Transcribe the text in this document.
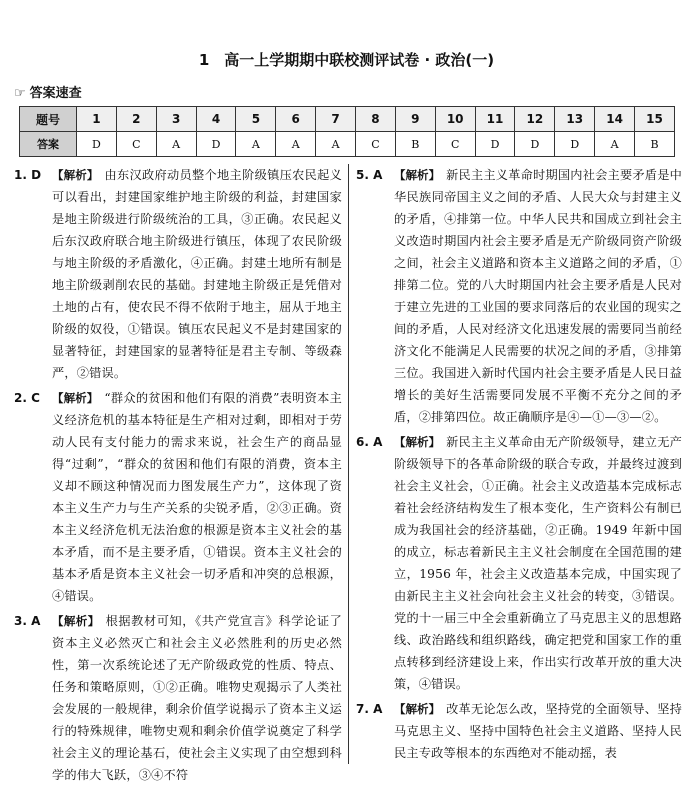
1　高一上学期期中联校测评试卷 · 政治(一)
☞ 答案速查
题号	1	2	3	4	5	6	7	8	9	10	11	12	13	14	15
答案	D	C	A	D	A	A	A	C	B	C	D	D	D	A	B
1. D 【解析】 由东汉政府动员整个地主阶级镇压农民起义可以看出，封建国家维护地主阶级的利益，封建国家是地主阶级进行阶级统治的工具，③正确。农民起义后东汉政府联合地主阶级进行镇压，体现了农民阶级与地主阶级的矛盾激化，④正确。封建土地所有制是地主阶级剥削农民的基础。封建地主阶级正是凭借对土地的占有，使农民不得不依附于地主，屈从于地主阶级的奴役，①错误。镇压农民起义不是封建国家的显著特征，封建国家的显著特征是君主专制、等级森严，②错误。
2. C 【解析】 “群众的贫困和他们有限的消费”表明资本主义经济危机的基本特征是生产相对过剩，即相对于劳动人民有支付能力的需求来说，社会生产的商品显得“过剩”，“群众的贫困和他们有限的消费，资本主义却不顾这种情况而力图发展生产力”，这体现了资本主义生产力与生产关系的尖锐矛盾，②③正确。资本主义经济危机无法治愈的根源是资本主义社会的基本矛盾，而不是主要矛盾，①错误。资本主义社会的基本矛盾是资本主义社会一切矛盾和冲突的总根源，④错误。
3. A 【解析】 根据教材可知，《共产党宣言》科学论证了资本主义必然灭亡和社会主义必然胜利的历史必然性，第一次系统论述了无产阶级政党的性质、特点、任务和策略原则，①②正确。唯物史观揭示了人类社会发展的一般规律，剩余价值学说揭示了资本主义运行的特殊规律，唯物史观和剩余价值学说奠定了科学社会主义的理论基石，使社会主义实现了由空想到科学的伟大飞跃，③④不符
5. A 【解析】 新民主主义革命时期国内社会主要矛盾是中华民族同帝国主义之间的矛盾、人民大众与封建主义的矛盾，④排第一位。中华人民共和国成立到社会主义改造时期国内社会主要矛盾是无产阶级同资产阶级之间，社会主义道路和资本主义道路之间的矛盾，①排第二位。党的八大时期国内社会主要矛盾是人民对于建立先进的工业国的要求同落后的农业国的现实之间的矛盾，人民对经济文化迅速发展的需要同当前经济文化不能满足人民需要的状况之间的矛盾，③排第三位。我国进入新时代国内社会主要矛盾是人民日益增长的美好生活需要同发展不平衡不充分之间的矛盾，②排第四位。故正确顺序是④—①—③—②。
6. A 【解析】 新民主主义革命由无产阶级领导，建立无产阶级领导下的各革命阶级的联合专政，并最终过渡到社会主义社会，①正确。社会主义改造基本完成标志着社会经济结构发生了根本变化，生产资料公有制已成为我国社会的经济基础，②正确。1949 年新中国的成立，标志着新民主主义社会制度在全国范围的建立，1956 年，社会主义改造基本完成，中国实现了由新民主主义社会向社会主义社会的转变，③错误。党的十一届三中全会重新确立了马克思主义的思想路线、政治路线和组织路线，确定把党和国家工作的重点转移到经济建设上来，作出实行改革开放的重大决策，④错误。
7. A 【解析】 改革无论怎么改，坚持党的全面领导、坚持马克思主义、坚持中国特色社会主义道路、坚持人民民主专政等根本的东西绝对不能动摇，表
